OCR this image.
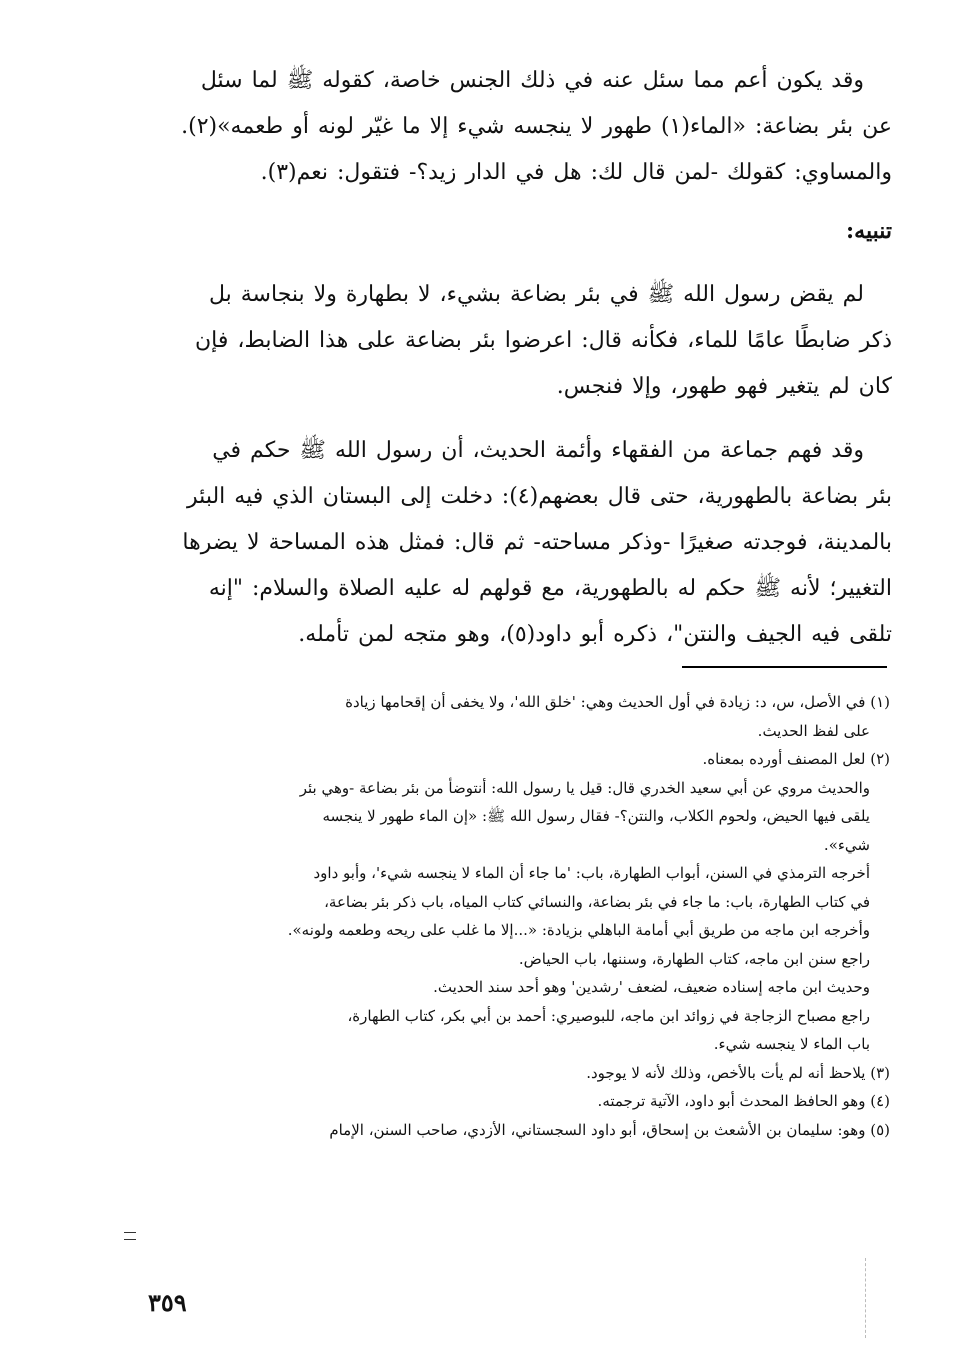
وقد يكون أعم مما سئل عنه في ذلك الجنس خاصة، كقوله ﷺ لما سئل

عن بئر بضاعة: «الماء(١) طهور لا ينجسه شيء إلا ما غيّر لونه أو طعمه»(٢).

والمساوي: كقولك -لمن قال لك: هل في الدار زيد؟- فتقول: نعم(٣).

تنبيه:

لم يقض رسول الله ﷺ في بئر بضاعة بشيء، لا بطهارة ولا بنجاسة بل

ذكر ضابطًا عامًا للماء، فكأنه قال: اعرضوا بئر بضاعة على هذا الضابط، فإن

كان لم يتغير فهو طهور، وإلا فنجس.

وقد فهم جماعة من الفقهاء وأئمة الحديث، أن رسول الله ﷺ حكم في

بئر بضاعة بالطهورية، حتى قال بعضهم(٤): دخلت إلى البستان الذي فيه البئر

بالمدينة، فوجدته صغيرًا -وذكر مساحته- ثم قال: فمثل هذه المساحة لا يضرها

التغيير؛ لأنه ﷺ حكم له بالطهورية، مع قولهم له عليه الصلاة والسلام: "إنه

تلقى فيه الجيف والنتن"، ذكره أبو داود(٥)، وهو متجه لمن تأمله.

(١) في الأصل، س، د: زيادة في أول الحديث وهي: 'خلق الله'، ولا يخفى أن إقحامها زيادة

على لفظ الحديث.

(٢) لعل المصنف أورده بمعناه.

والحديث مروي عن أبي سعيد الخدري قال: قيل يا رسول الله: أنتوضأ من بئر بضاعة -وهي بئر

يلقى فيها الحيض، ولحوم الكلاب، والنتن؟- فقال رسول الله ﷺ: «إن الماء طهور لا ينجسه

شيء».

أخرجه الترمذي في السنن، أبواب الطهارة، باب: 'ما جاء أن الماء لا ينجسه شيء'، وأبو داود

في كتاب الطهارة، باب: ما جاء في بئر بضاعة، والنسائي كتاب المياه، باب ذكر بئر بضاعة،

وأخرجه ابن ماجه من طريق أبي أمامة الباهلي بزيادة: «...إلا ما غلب على ريحه وطعمه ولونه».

راجع سنن ابن ماجه، كتاب الطهارة، وسننها، باب الحياض.

وحديث ابن ماجه إسناده ضعيف، لضعف 'رشدين' وهو أحد سند الحديث.

راجع مصباح الزجاجة في زوائد ابن ماجه، للبوصيري: أحمد بن أبي بكر، كتاب الطهارة،

باب الماء لا ينجسه شيء.

(٣) يلاحظ أنه لم يأت بالأخص، وذلك لأنه لا يوجود.

(٤) وهو الحافظ المحدث أبو داود، الآتية ترجمته.

(٥) وهو: سليمان بن الأشعث بن إسحاق، أبو داود السجستاني، الأزدي، صاحب السنن، الإمام

٣٥٩
